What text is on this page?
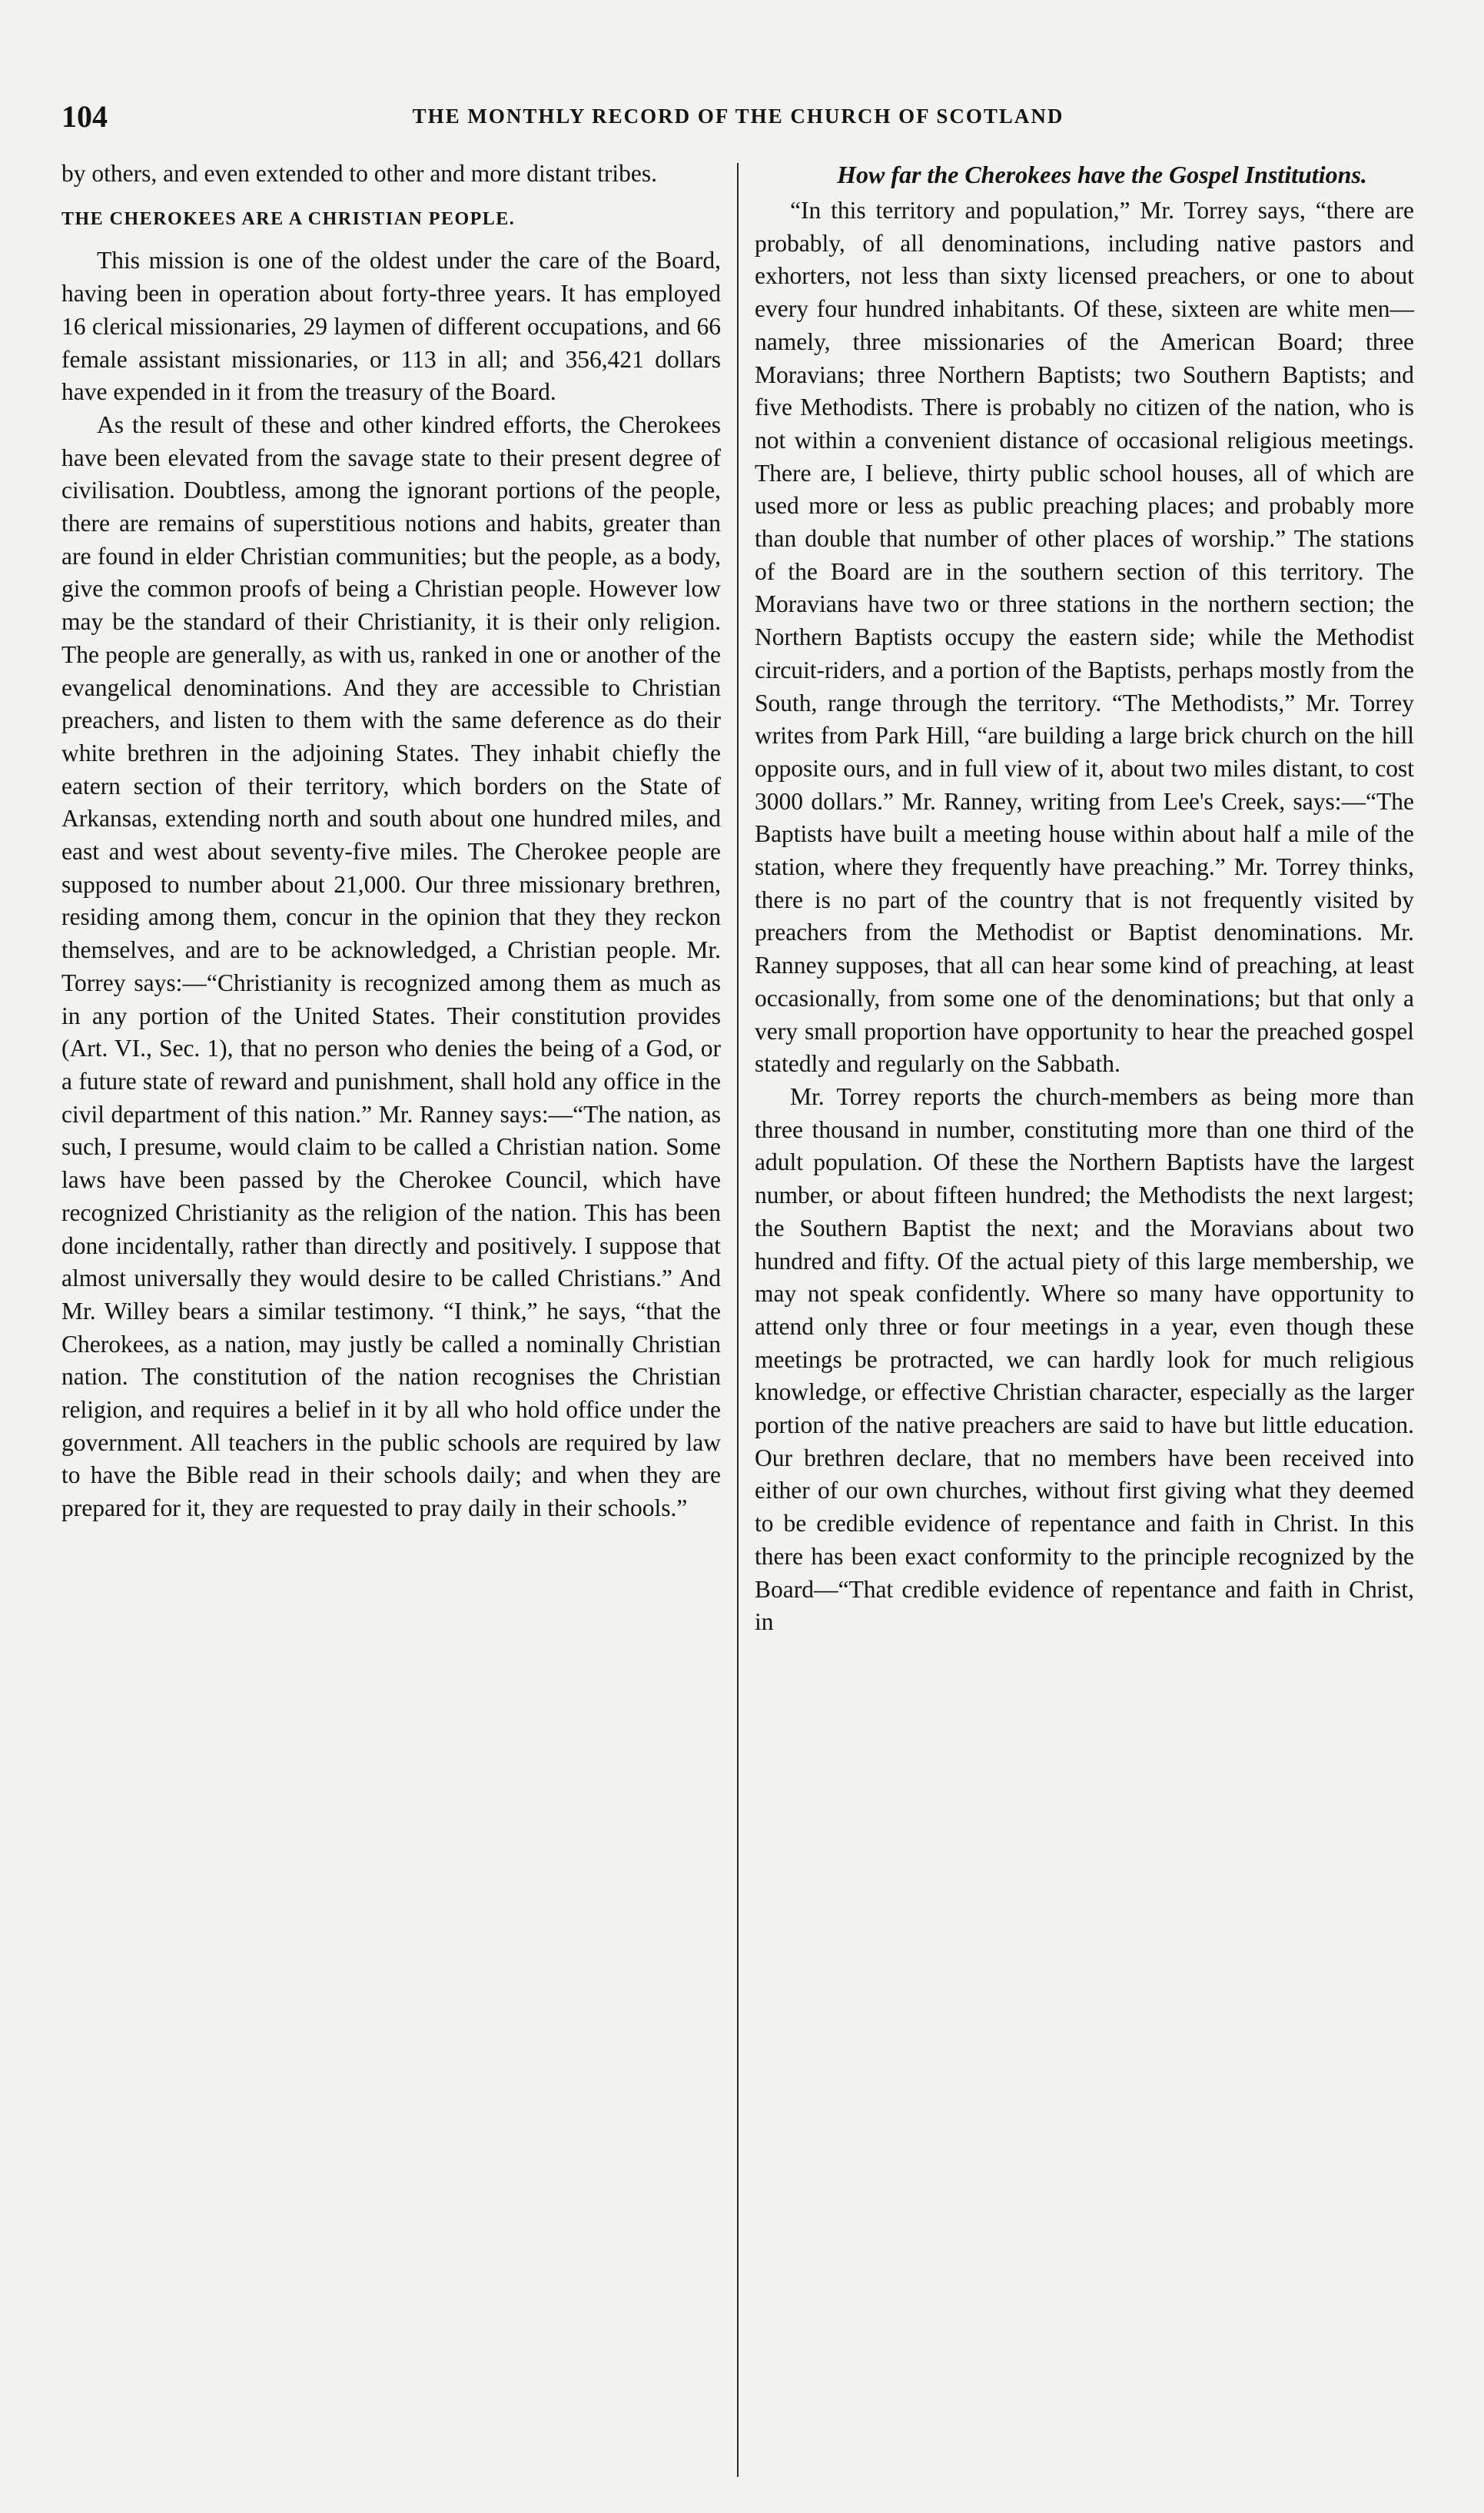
104	THE MONTHLY RECORD OF THE CHURCH OF SCOTLAND

by others, and even extended to other and more distant tribes.

THE CHEROKEES ARE A CHRISTIAN PEOPLE.

This mission is one of the oldest under the care of the Board, having been in operation about forty-three years. It has employed 16 clerical missionaries, 29 laymen of different occupations, and 66 female assistant missionaries, or 113 in all; and 356,421 dollars have expended in it from the treasury of the Board.

As the result of these and other kindred efforts, the Cherokees have been elevated from the savage state to their present degree of civilisation. Doubtless, among the ignorant portions of the people, there are remains of superstitious notions and habits, greater than are found in elder Christian communities; but the people, as a body, give the common proofs of being a Christian people. However low may be the standard of their Christianity, it is their only religion. The people are generally, as with us, ranked in one or another of the evangelical denominations. And they are accessible to Christian preachers, and listen to them with the same deference as do their white brethren in the adjoining States. They inhabit chiefly the eatern section of their territory, which borders on the State of Arkansas, extending north and south about one hundred miles, and east and west about seventy-five miles. The Cherokee people are supposed to number about 21,000. Our three missionary brethren, residing among them, concur in the opinion that they they reckon themselves, and are to be acknowledged, a Christian people. Mr. Torrey says:—“Christianity is recognized among them as much as in any portion of the United States. Their constitution provides (Art. VI., Sec. 1), that no person who denies the being of a God, or a future state of reward and punishment, shall hold any office in the civil department of this nation.” Mr. Ranney says:—“The nation, as such, I presume, would claim to be called a Christian nation. Some laws have been passed by the Cherokee Council, which have recognized Christianity as the religion of the nation. This has been done incidentally, rather than directly and positively. I suppose that almost universally they would desire to be called Christians.” And Mr. Willey bears a similar testimony. “I think,” he says, “that the Cherokees, as a nation, may justly be called a nominally Christian nation. The constitution of the nation recognises the Christian religion, and requires a belief in it by all who hold office under the government. All teachers in the public schools are required by law to have the Bible read in their schools daily; and when they are prepared for it, they are requested to pray daily in their schools.”

How far the Cherokees have the Gospel Institutions.

“In this territory and population,” Mr. Torrey says, “there are probably, of all denominations, including native pastors and exhorters, not less than sixty licensed preachers, or one to about every four hundred inhabitants. Of these, sixteen are white men—namely, three missionaries of the American Board; three Moravians; three Northern Baptists; two Southern Baptists; and five Methodists. There is probably no citizen of the nation, who is not within a convenient distance of occasional religious meetings. There are, I believe, thirty public school houses, all of which are used more or less as public preaching places; and probably more than double that number of other places of worship.” The stations of the Board are in the southern section of this territory. The Moravians have two or three stations in the northern section; the Northern Baptists occupy the eastern side; while the Methodist circuit-riders, and a portion of the Baptists, perhaps mostly from the South, range through the territory. “The Methodists,” Mr. Torrey writes from Park Hill, “are building a large brick church on the hill opposite ours, and in full view of it, about two miles distant, to cost 3000 dollars.” Mr. Ranney, writing from Lee's Creek, says:—“The Baptists have built a meeting house within about half a mile of the station, where they frequently have preaching.” Mr. Torrey thinks, there is no part of the country that is not frequently visited by preachers from the Methodist or Baptist denominations. Mr. Ranney supposes, that all can hear some kind of preaching, at least occasionally, from some one of the denominations; but that only a very small proportion have opportunity to hear the preached gospel statedly and regularly on the Sabbath.

Mr. Torrey reports the church-members as being more than three thousand in number, constituting more than one third of the adult population. Of these the Northern Baptists have the largest number, or about fifteen hundred; the Methodists the next largest; the Southern Baptist the next; and the Moravians about two hundred and fifty. Of the actual piety of this large membership, we may not speak confidently. Where so many have opportunity to attend only three or four meetings in a year, even though these meetings be protracted, we can hardly look for much religious knowledge, or effective Christian character, especially as the larger portion of the native preachers are said to have but little education. Our brethren declare, that no members have been received into either of our own churches, without first giving what they deemed to be credible evidence of repentance and faith in Christ. In this there has been exact conformity to the principle recognized by the Board—“That credible evidence of repentance and faith in Christ, in
